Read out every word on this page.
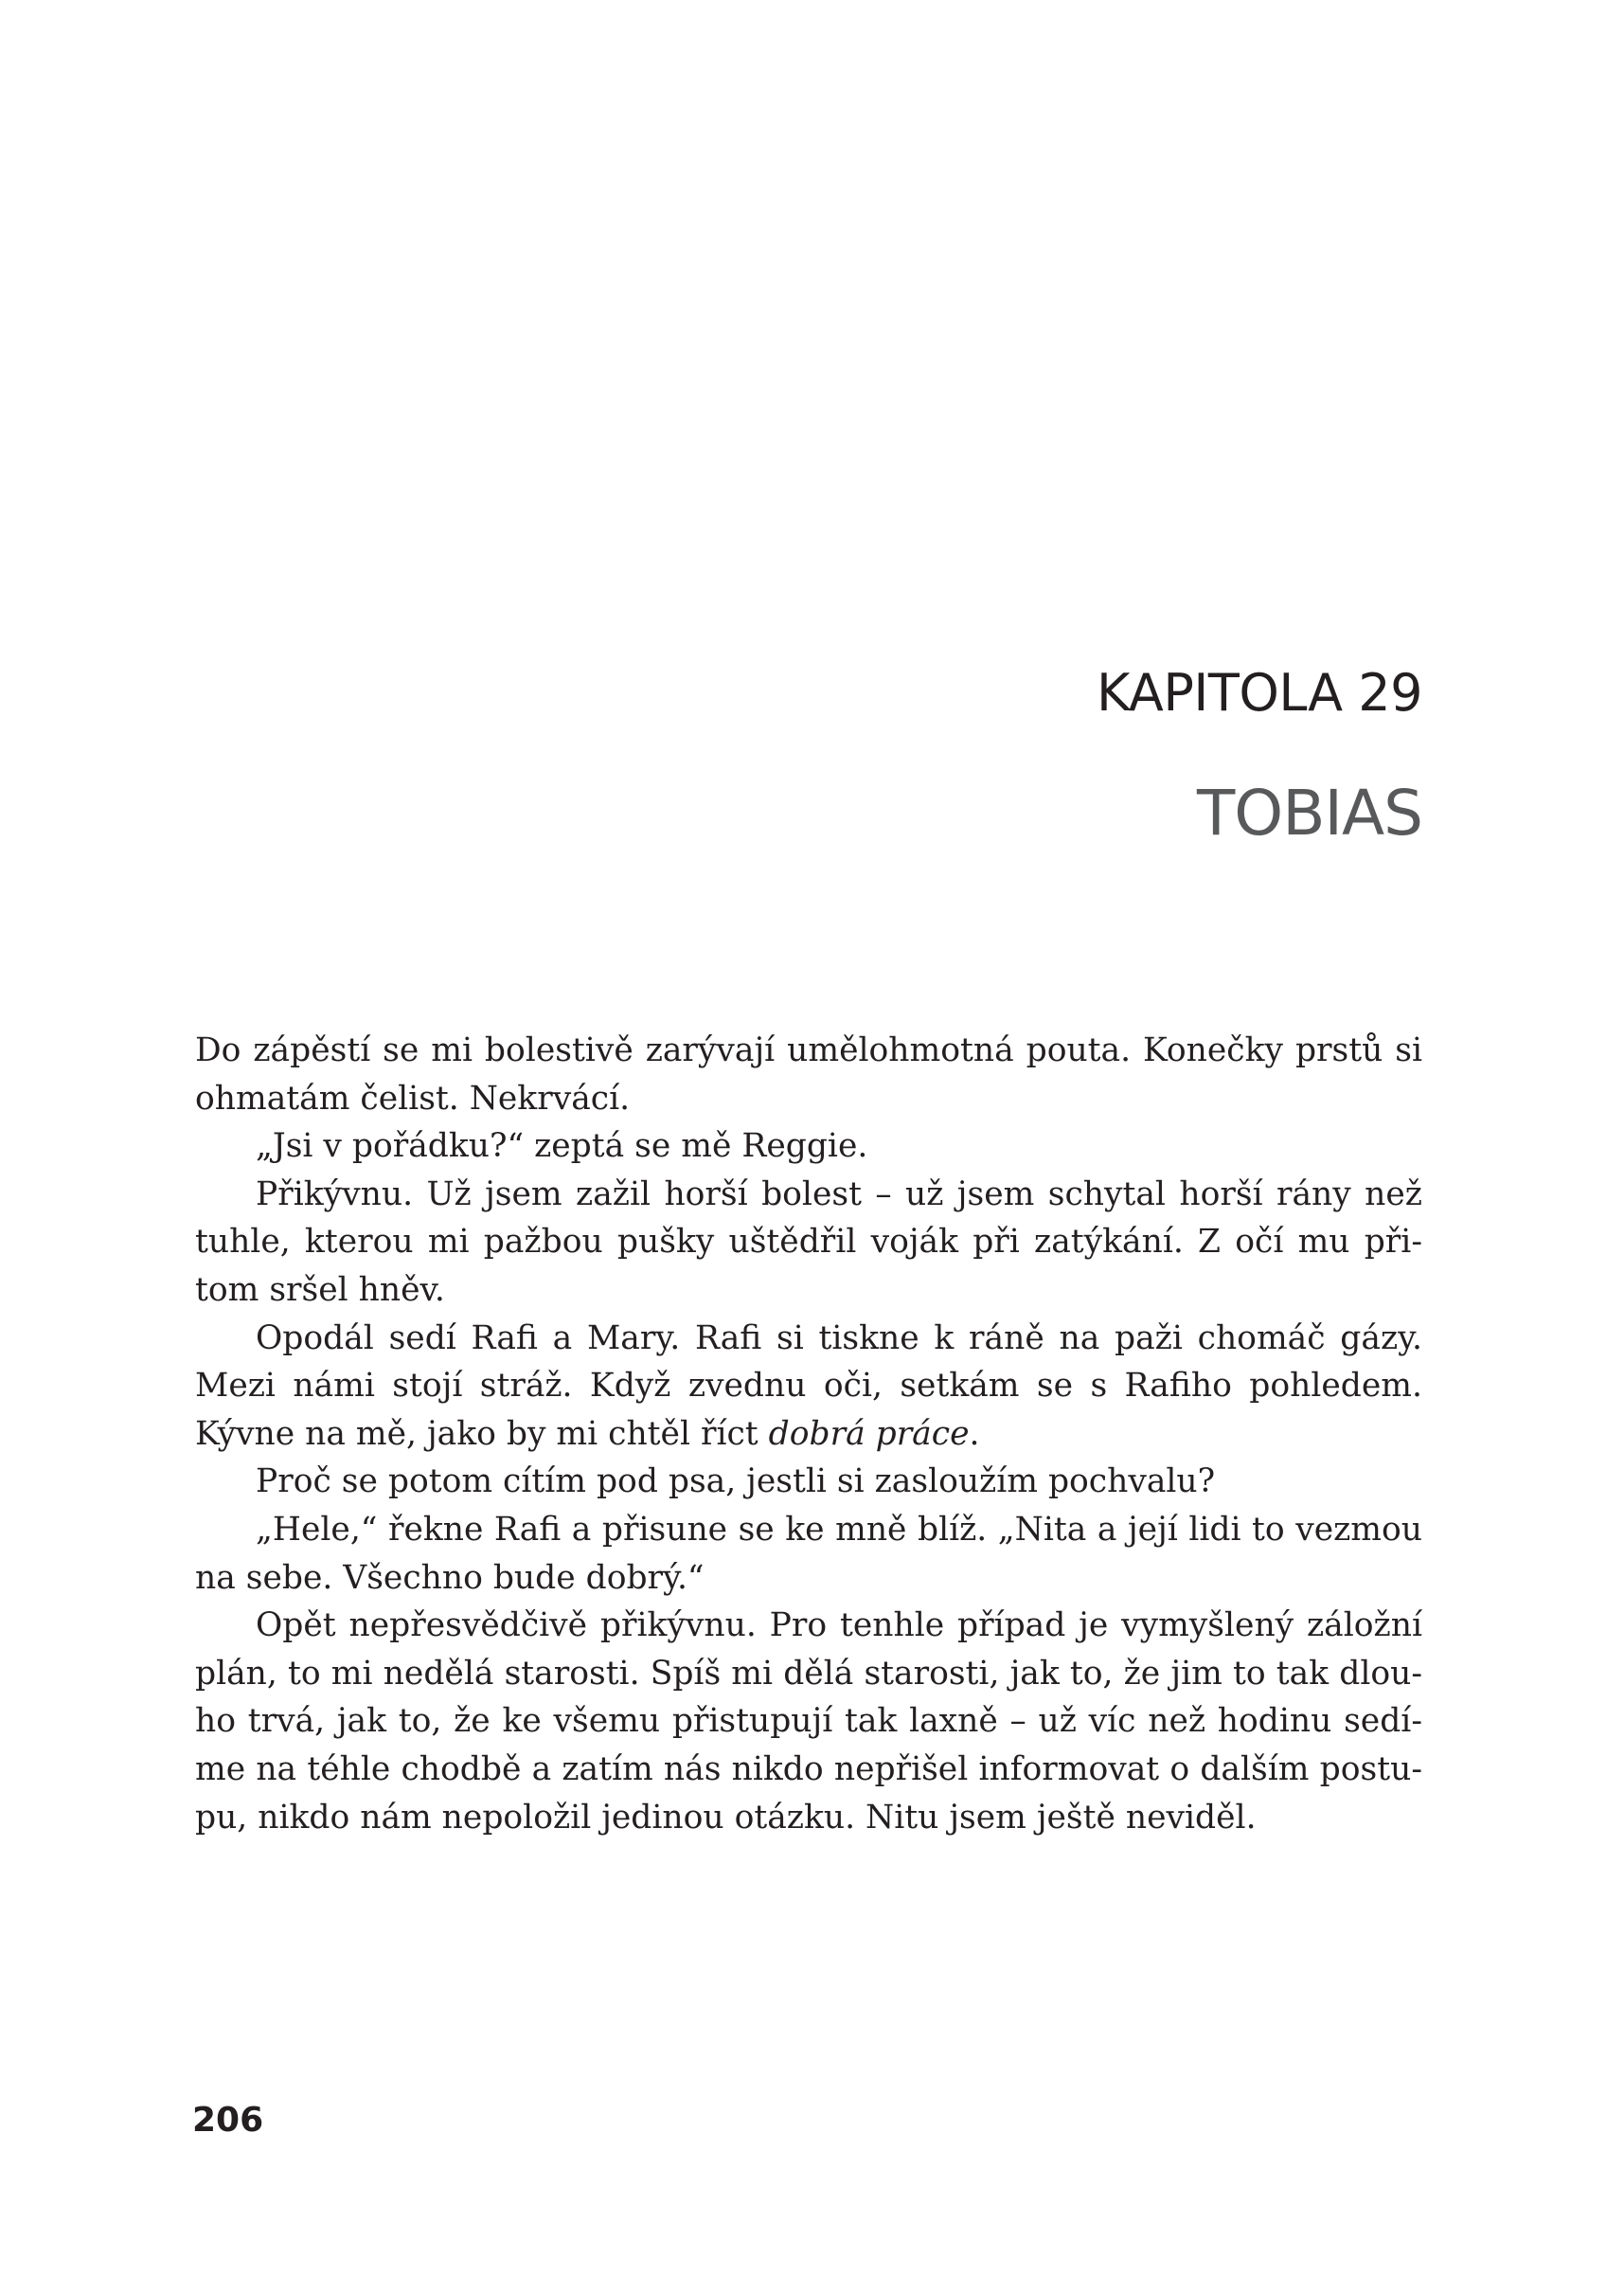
KAPITOLA 29
TOBIAS
Do zápěstí se mi bolestivě zarývají umělohmotná pouta. Konečky prstů si
ohmatám čelist. Nekrvácí.
„Jsi v pořádku?“ zeptá se mě Reggie.
Přikývnu. Už jsem zažil horší bolest – už jsem schytal horší rány než
tuhle, kterou mi pažbou pušky uštědřil voják při zatýkání. Z očí mu při-
tom sršel hněv.
Opodál sedí Rafi a Mary. Rafi si tiskne k ráně na paži chomáč gázy.
Mezi námi stojí stráž. Když zvednu oči, setkám se s Rafiho pohledem.
Kývne na mě, jako by mi chtěl říct dobrá práce.
Proč se potom cítím pod psa, jestli si zasloužím pochvalu?
„Hele,“ řekne Rafi a přisune se ke mně blíž. „Nita a její lidi to vezmou
na sebe. Všechno bude dobrý.“
Opět nepřesvědčivě přikývnu. Pro tenhle případ je vymyšlený záložní
plán, to mi nedělá starosti. Spíš mi dělá starosti, jak to, že jim to tak dlou-
ho trvá, jak to, že ke všemu přistupují tak laxně – už víc než hodinu sedí-
me na téhle chodbě a zatím nás nikdo nepřišel informovat o dalším postu-
pu, nikdo nám nepoložil jedinou otázku. Nitu jsem ještě neviděl.
206
